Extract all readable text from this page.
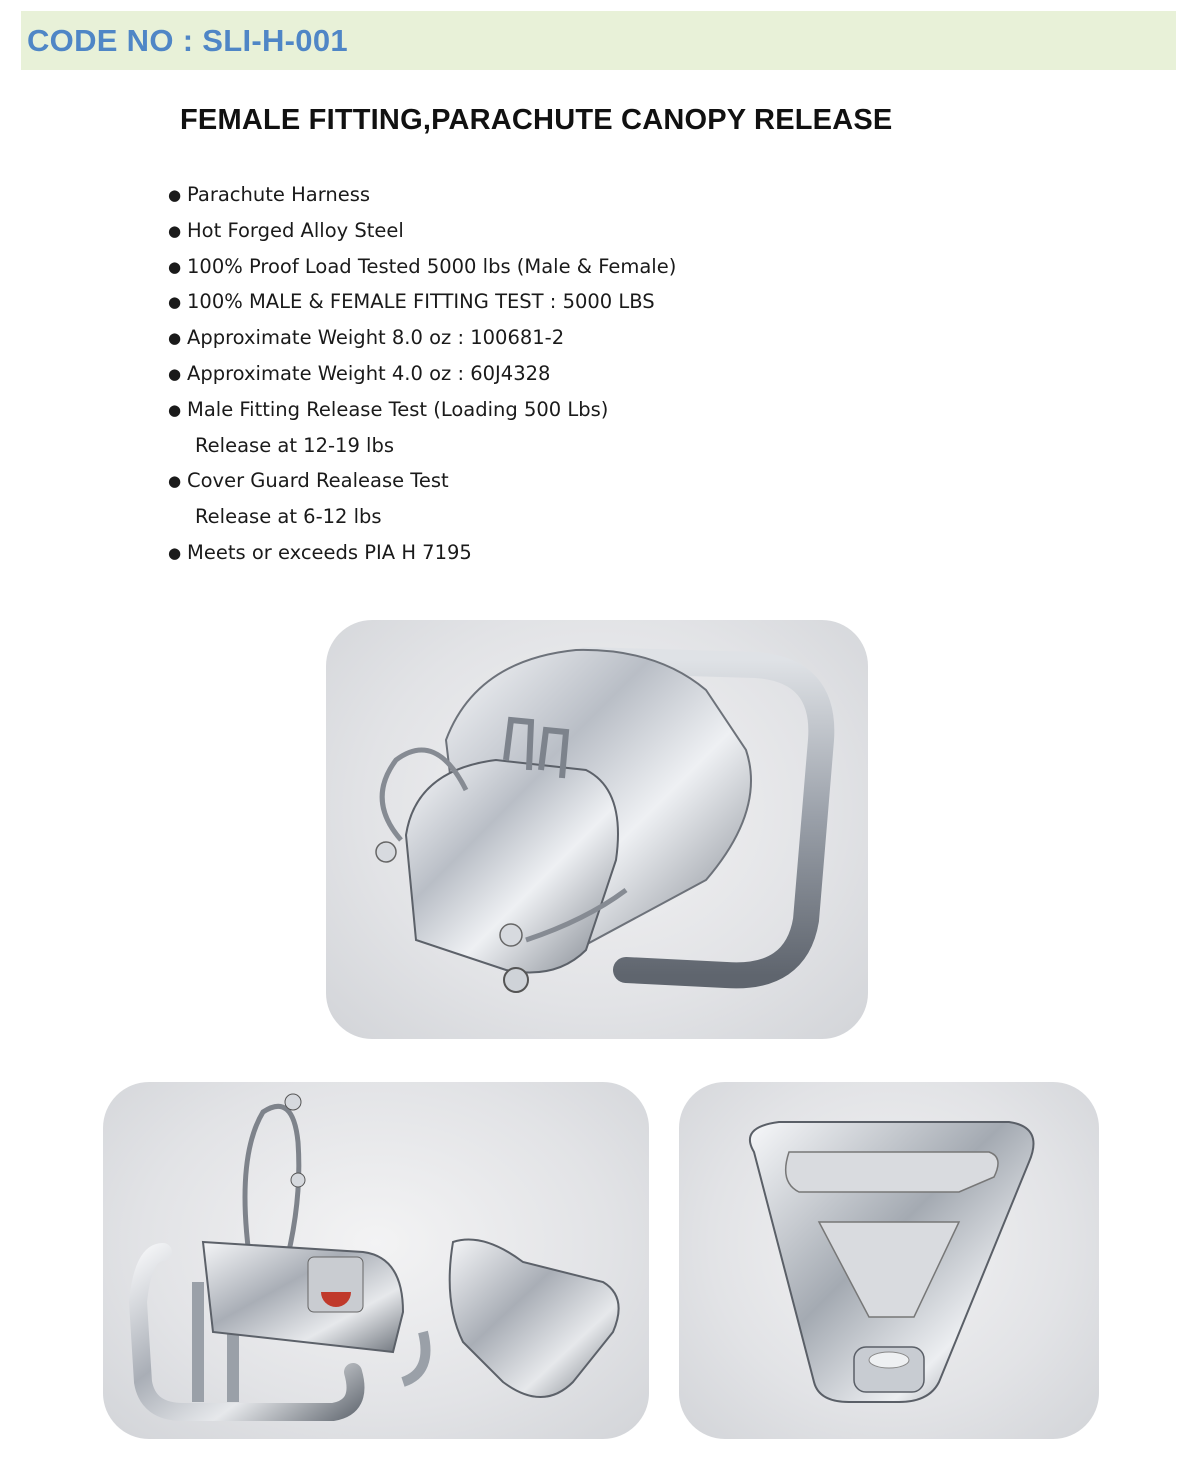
CODE NO : SLI-H-001
FEMALE FITTING,PARACHUTE CANOPY RELEASE
● Parachute Harness
● Hot Forged Alloy Steel
● 100% Proof Load Tested 5000 lbs (Male & Female)
● 100% MALE & FEMALE FITTING TEST : 5000 LBS
● Approximate Weight 8.0 oz : 100681-2
● Approximate Weight 4.0 oz : 60J4328
● Male Fitting Release Test (Loading 500 Lbs)
Release at 12-19 lbs
● Cover Guard Realease Test
Release at 6-12 lbs
● Meets or exceeds PIA H 7195
